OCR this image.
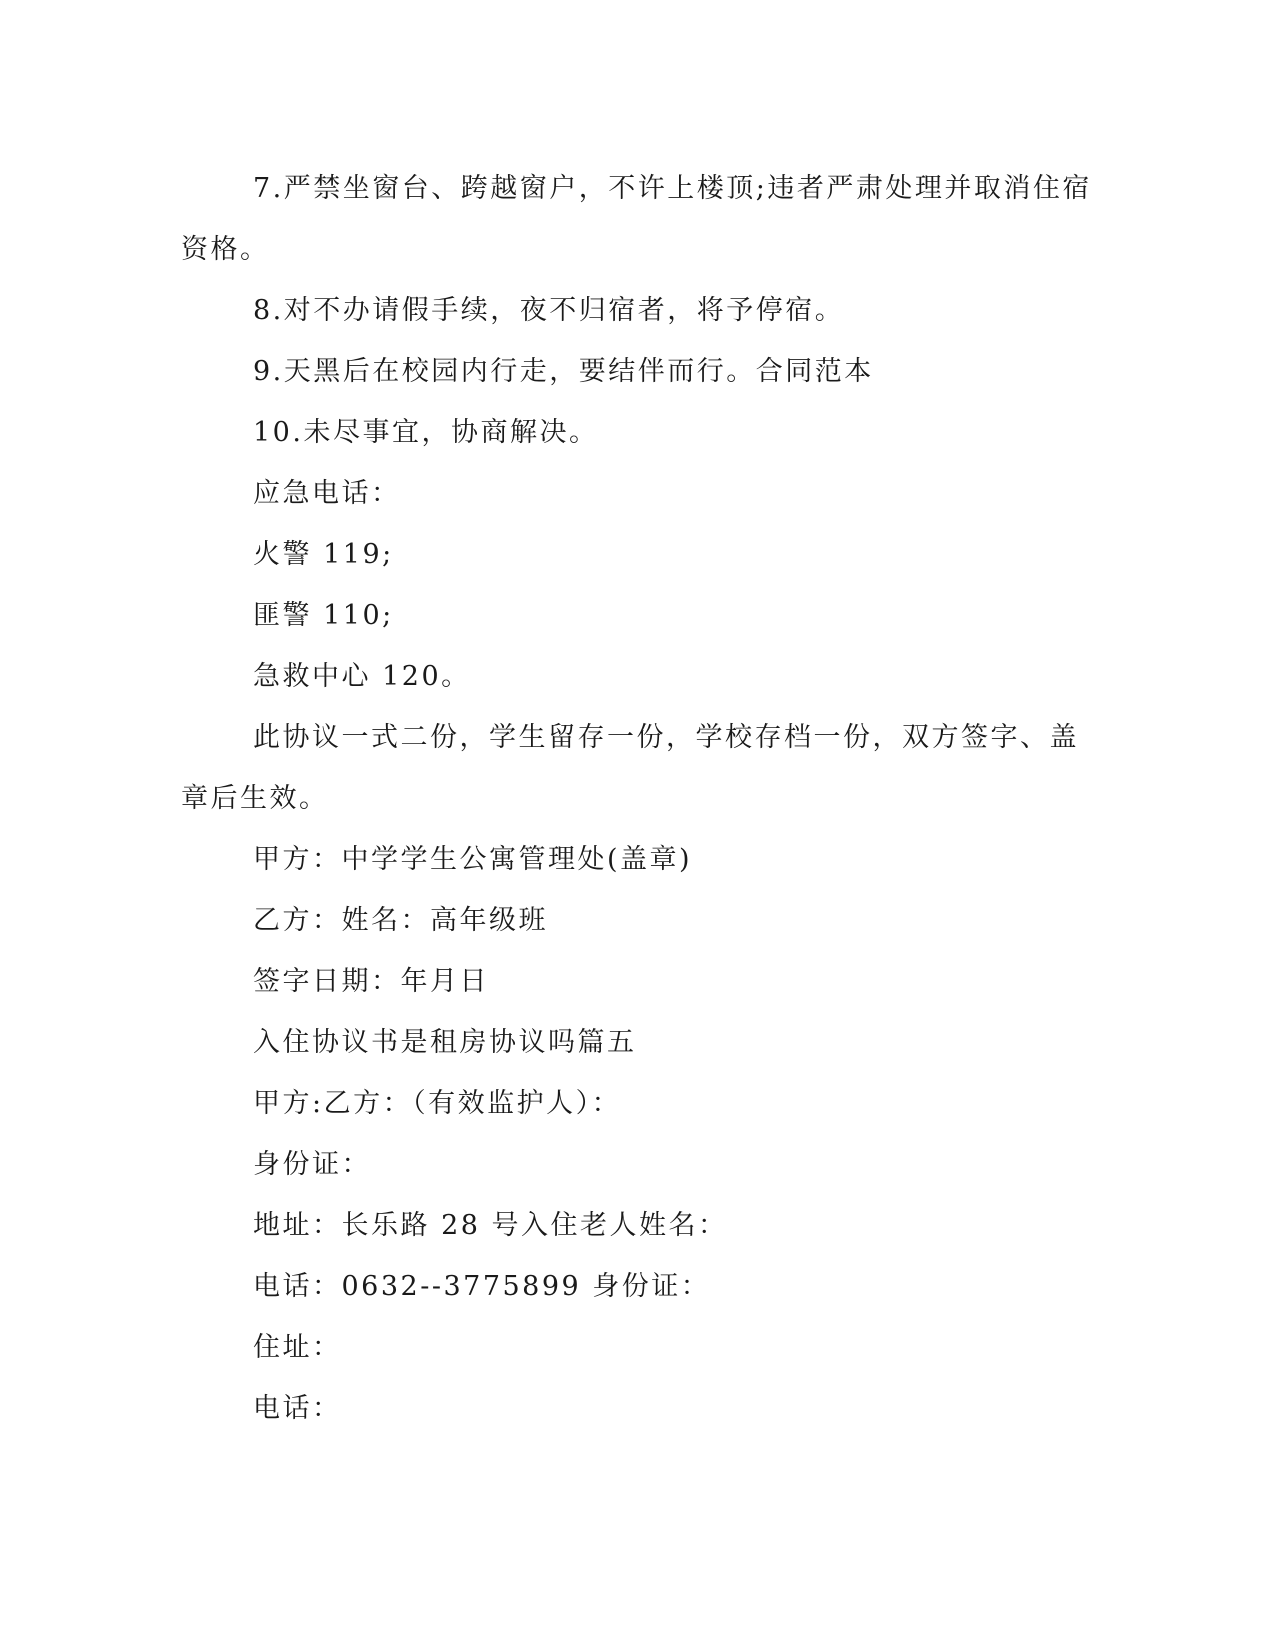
7.严禁坐窗台、跨越窗户，不许上楼顶;违者严肃处理并取消住宿

资格。

8.对不办请假手续，夜不归宿者，将予停宿。

9.天黑后在校园内行走，要结伴而行。合同范本

10.未尽事宜，协商解决。

应急电话：

火警 119;

匪警 110;

急救中心 120。

此协议一式二份，学生留存一份，学校存档一份，双方签字、盖

章后生效。

甲方：中学学生公寓管理处(盖章)

乙方：姓名：高年级班

签字日期：年月日

入住协议书是租房协议吗篇五

甲方:乙方：（有效监护人）：

身份证：

地址：长乐路 28 号入住老人姓名：

电话：0632--3775899 身份证：

住址：

电话：
